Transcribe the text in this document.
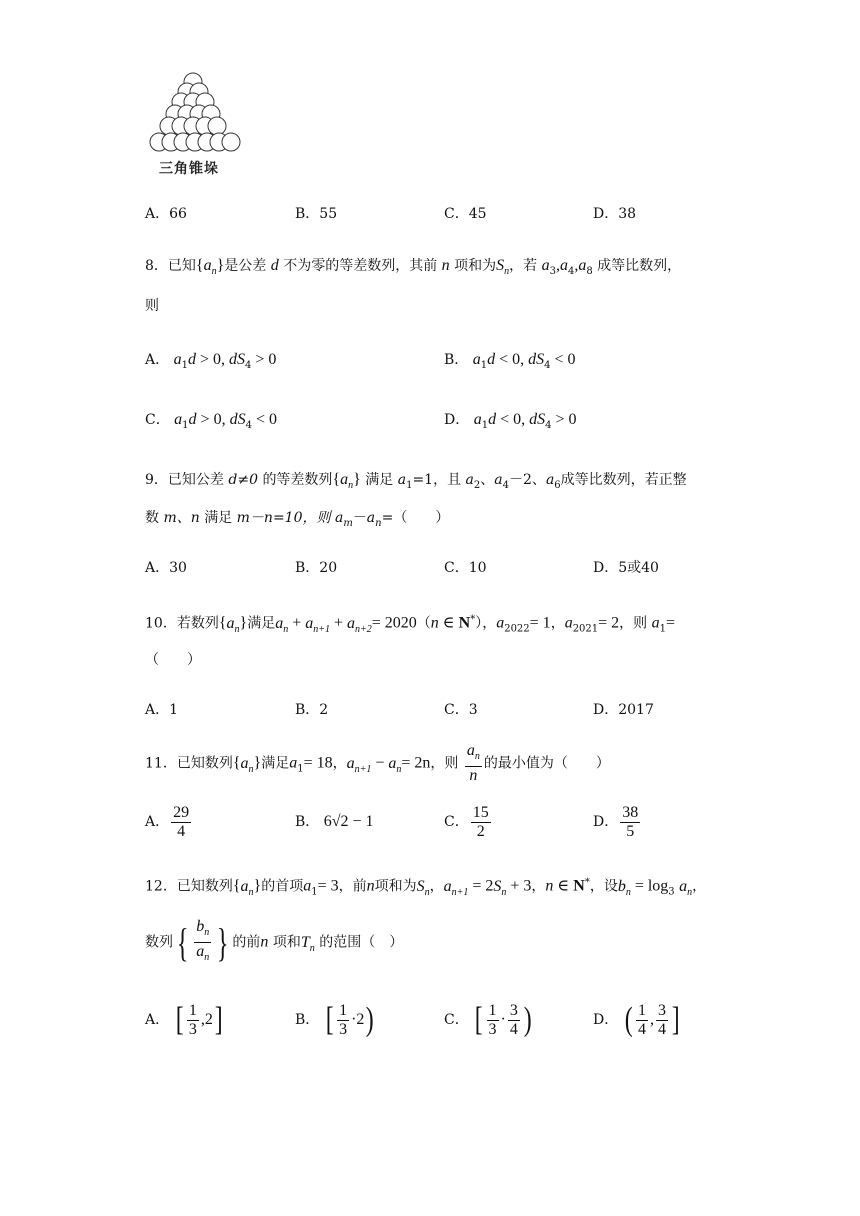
三角锥垛
A．66	B．55	C．45	D．38
8．已知$\{a_n\}$是公差 d 不为零的等差数列，其前 n 项和为$S_n$，若 $a_3,a_4,a_8$ 成等比数列，
则
A． $a_1d > 0$, $dS_4 > 0$	B． $a_1d < 0$, $dS_4 < 0$
C． $a_1d > 0$, $dS_4 < 0$	D． $a_1d < 0$, $dS_4 > 0$
9．已知公差 d≠0 的等差数列$\{a_n\}$ 满足 $a_1=1$，且 $a_2$、$a_4-2$、$a_6$成等比数列，若正整
数 m、n 满足 m－n=10，则 $a_m-a_n=$（　　）
A．30	B．20	C．10	D．5或40
10．若数列$\{a_n\}$满足$a_n + a_{n+1} + a_{n+2}= 2020(n$ ∈ N*），$a_{2022}= 1$，$a_{2021}= 2$，则 $a_1=$
（　　）
A．1	B．2	C．3	D．2017
11．已知数列$\{a_n\}$满足$a_1= 18$，$a_{n+1} - a_n= 2n$，则 $\frac{a_n}{n}$ 的最小值为（　　）
A． $\frac{29}{4}$	B． 6√2 − 1	C． $\frac{15}{2}$	D． $\frac{38}{5}$
12．已知数列$\{a_n\}$的首项$a_1= 3$，前n项和为$S_n$，$a_{n+1} = 2S_n + 3$，n ∈ N*，设$b_n = \log_3 a_n$，
数列{ $\frac{b_n}{a_n}$ } 的前n 项和$T_n$ 的范围（　）
A． [ $\frac{1}{3} ,2$]	B． [ $\frac{1}{3} \cdot 2$)	C． [ $\frac{1}{3} \cdot \frac{3}{4}$ )	D． ( $\frac{1}{4}$ , $\frac{3}{4}$ ]
